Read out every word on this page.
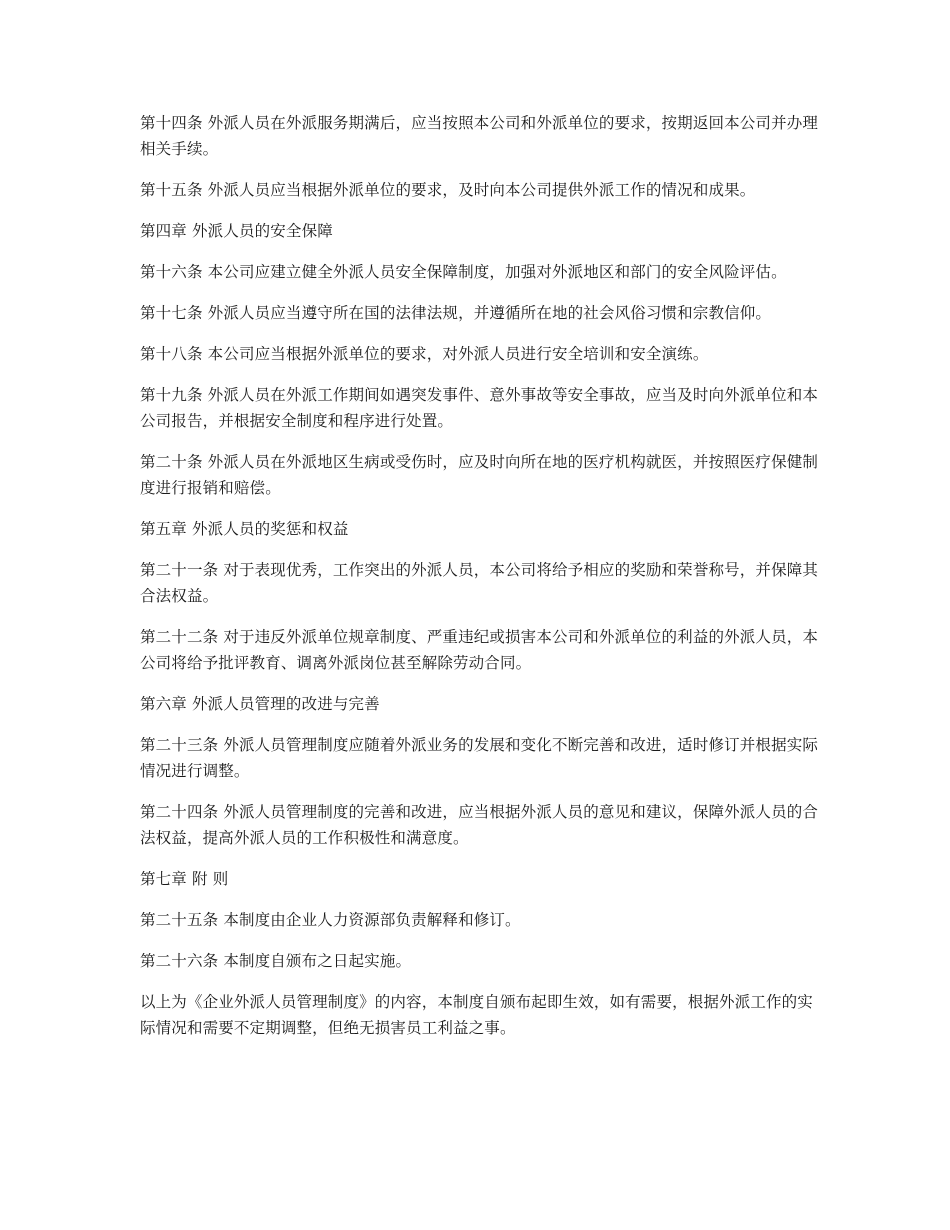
第十四条 外派人员在外派服务期满后，应当按照本公司和外派单位的要求，按期返回本公司并办理相关手续。

第十五条 外派人员应当根据外派单位的要求，及时向本公司提供外派工作的情况和成果。

第四章 外派人员的安全保障

第十六条 本公司应建立健全外派人员安全保障制度，加强对外派地区和部门的安全风险评估。

第十七条 外派人员应当遵守所在国的法律法规，并遵循所在地的社会风俗习惯和宗教信仰。

第十八条 本公司应当根据外派单位的要求，对外派人员进行安全培训和安全演练。

第十九条 外派人员在外派工作期间如遇突发事件、意外事故等安全事故，应当及时向外派单位和本公司报告，并根据安全制度和程序进行处置。

第二十条 外派人员在外派地区生病或受伤时，应及时向所在地的医疗机构就医，并按照医疗保健制度进行报销和赔偿。

第五章 外派人员的奖惩和权益

第二十一条 对于表现优秀，工作突出的外派人员，本公司将给予相应的奖励和荣誉称号，并保障其合法权益。

第二十二条 对于违反外派单位规章制度、严重违纪或损害本公司和外派单位的利益的外派人员，本公司将给予批评教育、调离外派岗位甚至解除劳动合同。

第六章 外派人员管理的改进与完善

第二十三条 外派人员管理制度应随着外派业务的发展和变化不断完善和改进，适时修订并根据实际情况进行调整。

第二十四条 外派人员管理制度的完善和改进，应当根据外派人员的意见和建议，保障外派人员的合法权益，提高外派人员的工作积极性和满意度。

第七章 附 则

第二十五条 本制度由企业人力资源部负责解释和修订。

第二十六条 本制度自颁布之日起实施。

以上为《企业外派人员管理制度》的内容，本制度自颁布起即生效，如有需要，根据外派工作的实际情况和需要不定期调整，但绝无损害员工利益之事。
